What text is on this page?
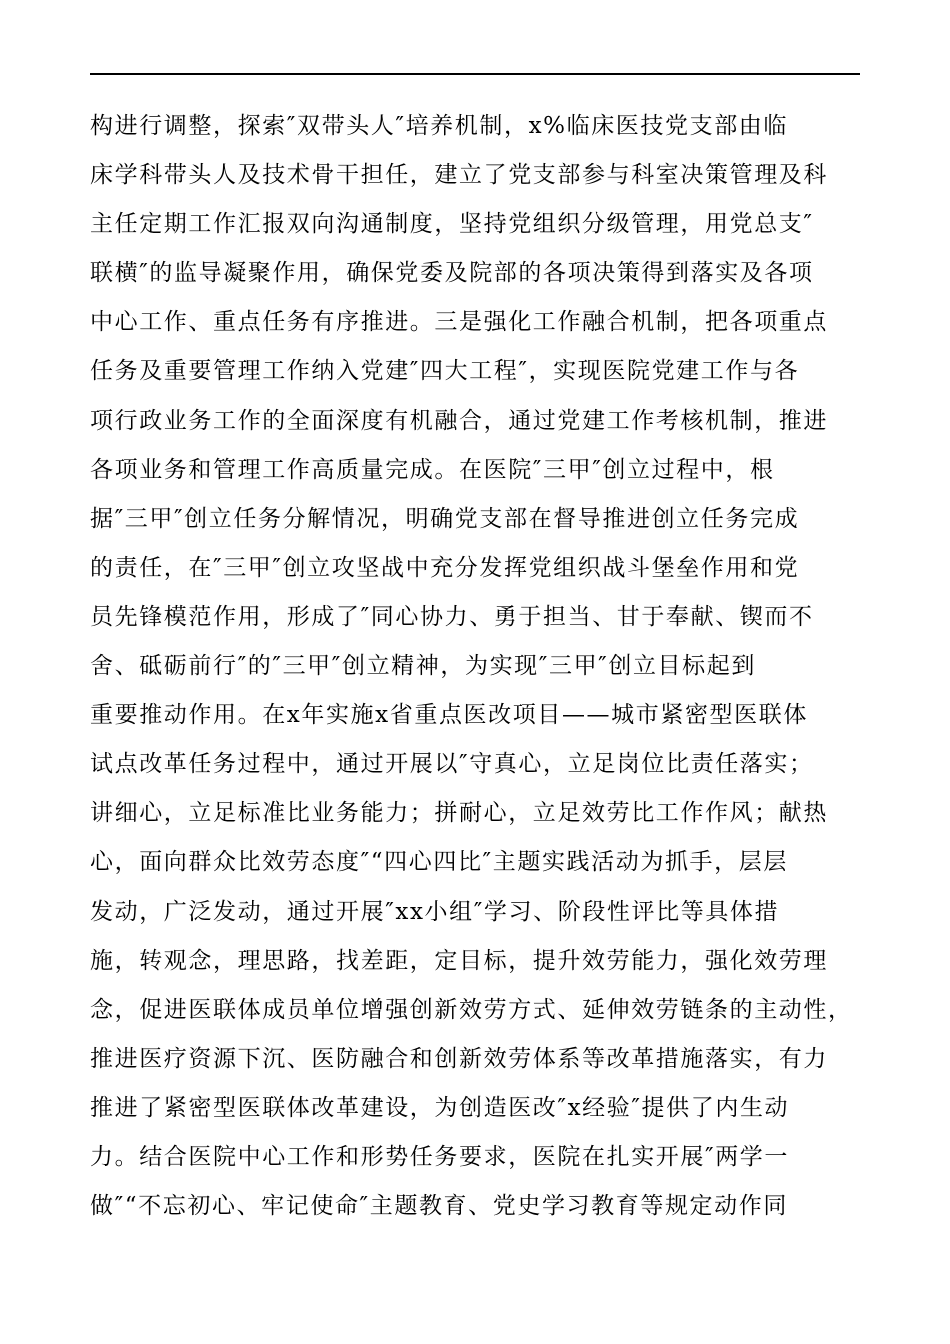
构进行调整，探索″双带头人″培养机制，x%临床医技党支部由临
床学科带头人及技术骨干担任，建立了党支部参与科室决策管理及科
主任定期工作汇报双向沟通制度，坚持党组织分级管理，用党总支″
联横″的监导凝聚作用，确保党委及院部的各项决策得到落实及各项
中心工作、重点任务有序推进。三是强化工作融合机制，把各项重点
任务及重要管理工作纳入党建″四大工程″，实现医院党建工作与各
项行政业务工作的全面深度有机融合，通过党建工作考核机制，推进
各项业务和管理工作高质量完成。在医院″三甲″创立过程中，根
据″三甲″创立任务分解情况，明确党支部在督导推进创立任务完成
的责任，在″三甲″创立攻坚战中充分发挥党组织战斗堡垒作用和党
员先锋模范作用，形成了″同心协力、勇于担当、甘于奉献、锲而不
舍、砥砺前行″的″三甲″创立精神，为实现″三甲″创立目标起到
重要推动作用。在x年实施x省重点医改项目——城市紧密型医联体
试点改革任务过程中，通过开展以″守真心，立足岗位比责任落实；
讲细心，立足标准比业务能力；拼耐心，立足效劳比工作作风；献热
心，面向群众比效劳态度″“四心四比″主题实践活动为抓手，层层
发动，广泛发动，通过开展″xx小组″学习、阶段性评比等具体措
施，转观念，理思路，找差距，定目标，提升效劳能力，强化效劳理
念，促进医联体成员单位增强创新效劳方式、延伸效劳链条的主动性，
推进医疗资源下沉、医防融合和创新效劳体系等改革措施落实，有力
推进了紧密型医联体改革建设，为创造医改″x经验″提供了内生动
力。结合医院中心工作和形势任务要求，医院在扎实开展″两学一
做″“不忘初心、牢记使命″主题教育、党史学习教育等规定动作同
